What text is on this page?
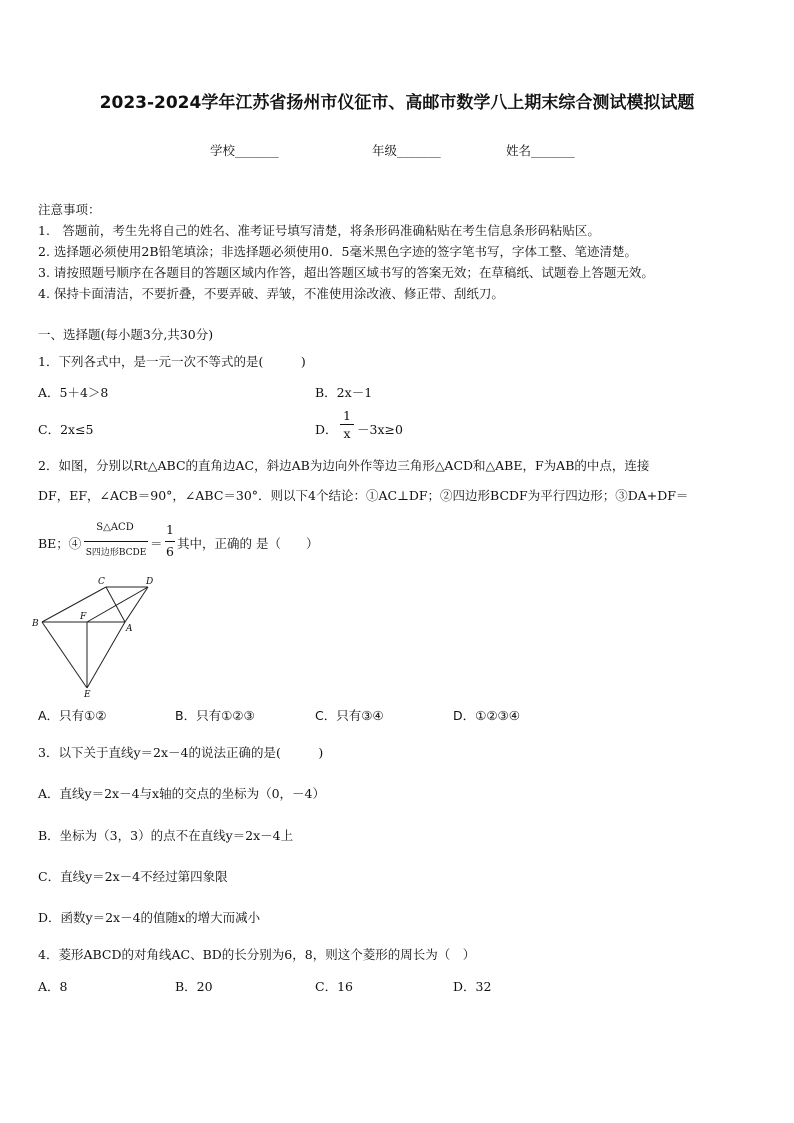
2023-2024学年江苏省扬州市仪征市、高邮市数学八上期末综合测试模拟试题
学校_______	年级_______	姓名_______
注意事项：
1.　答题前，考生先将自己的姓名、准考证号填写清楚，将条形码准确粘贴在考生信息条形码粘贴区。
2. 选择题必须使用2B铅笔填涂；非选择题必须使用0．5毫米黑色字迹的签字笔书写，字体工整、笔迹清楚。
3. 请按照题号顺序在各题目的答题区域内作答，超出答题区域书写的答案无效；在草稿纸、试题卷上答题无效。
4. 保持卡面清洁，不要折叠，不要弄破、弄皱，不准使用涂改液、修正带、刮纸刀。
一、选择题(每小题3分,共30分)
1．下列各式中，是一元一次不等式的是(　　　)
A．5＋4＞8	B．2x－1
C．2x≤5	D．
1
x －3x≥0
2．如图，分别以Rt△ABC的直角边AC，斜边AB为边向外作等边三角形△ACD和△ABE，F为AB的中点，连接
DF，EF，∠ACB＝90°，∠ABC＝30°．则以下4个结论：①AC⊥DF；②四边形BCDF为平行四边形；③DA+DF＝
BE；④
S△ACD
S四边形BCDE
＝
1
6
其中，正确的 是（　　）
C	D
B
F
A
E
A．只有①②	B．只有①②③	C．只有③④	D．①②③④
3．以下关于直线y＝2x－4的说法正确的是(　　　)
A．直线y＝2x－4与x轴的交点的坐标为（0，－4）
B．坐标为（3，3）的点不在直线y＝2x－4上
C．直线y＝2x－4不经过第四象限
D．函数y＝2x－4的值随x的增大而减小
4．菱形ABCD的对角线AC、BD的长分别为6，8，则这个菱形的周长为（　）
A．8	B．20	C．16	D．32
